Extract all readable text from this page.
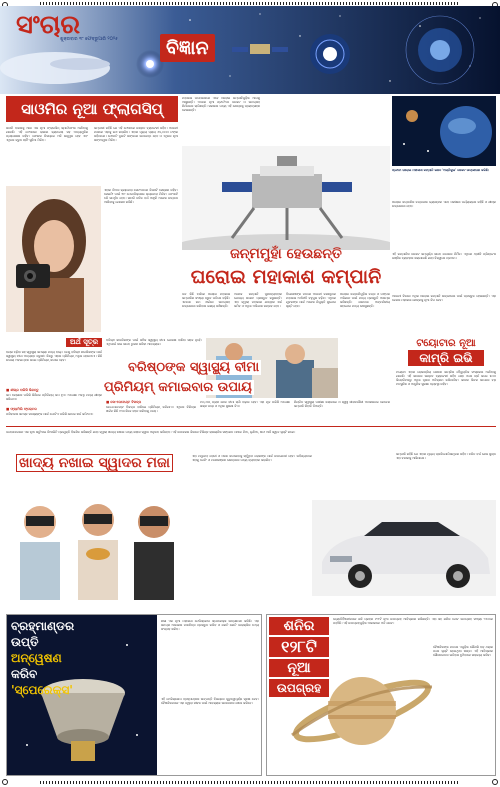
ସଂଚାର
ଶୁକ୍ରବାର ୧୮ ଫେବ୍ରୁଆରି ୨୦୨୫	ବିଜ୍ଞାନ
ସାଓମିର ନୂଆ ଫ୍ଲାଗସିପ୍
ସାଓମି ବଜାରକୁ ଆଉ ଏକ ନୂଆ ଫ୍ଲାଗସିପ୍ ସ୍ମାର୍ଟଫୋନ ଆଣିବାକୁ ଯାଉଛି। ଏହି ଫୋନରେ ଲାଇକା କ୍ୟାମେରା ସହ ଅତ୍ୟାଧୁନିକ ପ୍ରୋସେସର ରହିବ। ଫୋନର ଡିସପ୍ଲେ ଅତି ଉଜ୍ଜ୍ୱଳ ହେବ ଏବଂ ଏଥିରେ ଦ୍ରୁତ ଚାର୍ଜିଂ ସୁବିଧା ମିଳିବ।
କମ୍ପାନୀ କହିଛି ଯେ ଏହି ଫୋନରେ ଉନ୍ନତ ବ୍ୟାଟେରୀ ରହିବ। ଆଗାମୀ ମାସରେ ଏହାକୁ ଲଞ୍ଚ କରାଯିବ। ଏହାର ମୂଲ୍ୟ ପ୍ରାୟ ୬୫,୦୦୦ ଟଙ୍କା ରହିପାରେ। ଫୋନଟି ଦୁଇଟି ରଙ୍ଗରେ ଉପଲବ୍ଧ ହେବ ଓ ଏଥିରେ ନୂଆ ସଫ୍ଟୱେର ମିଳିବ।
ଏହାର ରିଅର କ୍ୟାମେରା ସେଟଅପରେ ତିନୋଟି ସେନ୍ସର ରହିବ। ସେଲଫି ପାଇଁ ୩୨ ମେଗାପିକ୍ସେଲ କ୍ୟାମେରା ମିଳିବ। ଫୋନଟି ୫ଜି ସମର୍ଥିତ ହେବ। ସାଓମି ଚଳିତ ବର୍ଷ ଆହୁରି ଅନେକ ଉତ୍ପାଦ ଆଣିବାକୁ ଯୋଜନା କରିଛି।
ମହାକାଶ ଗବେଷଣାରେ ଏବେ ଘରୋଇ କମ୍ପାନିଗୁଡ଼ିକ ଆଗକୁ ଆସୁଛନ୍ତି। ଅନେକ ନୂଆ ଷ୍ଟାର୍ଟଅପ ରକେଟ ଓ ଉପଗ୍ରହ ନିର୍ମାଣରେ ଲାଗିଛନ୍ତି। ସରକାର ମଧ୍ୟ ଏହି କ୍ଷେତ୍ରକୁ ପ୍ରୋତ୍ସାହନ ଦେଉଛନ୍ତି।
ଜନ୍ମମୁହାଁ ହେଉଛନ୍ତି
ଘରୋଇ ମହାକାଶ କମ୍ପାନି
ଗତ କିଛି ବର୍ଷରେ ଘରୋଇ ମହାକାଶ କମ୍ପାନିର ସଂଖ୍ୟା ଦ୍ରୁତ ଗତିରେ ବଢ଼ିଛି। ଏମାନେ କମ ଖର୍ଚ୍ଚରେ ଉପଗ୍ରହ ଉତ୍କ୍ଷେପଣ କରିବାର ଲକ୍ଷ୍ୟ ରଖିଛନ୍ତି।
ଅନେକ କମ୍ପାନି ପୁନଃବ୍ୟବହାର ଯୋଗ୍ୟ ରକେଟ ପ୍ରସ୍ତୁତ କରୁଛନ୍ତି। ଏହା ଦ୍ୱାରା ମହାକାଶ ଯାତ୍ରାର ଖର୍ଚ୍ଚ କମିବ ଓ ଅଧିକ ଅଭିଯାନ ସମ୍ଭବ ହେବ।
ବିଶେଷଜ୍ଞଙ୍କ ମତରେ ଆଗାମୀ ଦଶନ୍ଧିରେ ମହାକାଶ ଅର୍ଥନୀତି ବହୁଗୁଣ ବଢ଼ିବ। ଏଥିରେ ଯୁବକଙ୍କ ପାଇଁ ଅନେକ ନିଯୁକ୍ତି ସୁଯୋଗ ସୃଷ୍ଟି ହେବ।
ଘରୋଇ କମ୍ପାନିଗୁଡ଼ିକ ଚନ୍ଦ୍ର ଓ ମଙ୍ଗଳ ଅଭିଯାନ ପାଇଁ ମଧ୍ୟ ପ୍ରସ୍ତୁତି ଆରମ୍ଭ କରିଛନ୍ତି। ସେମାନେ ଅନ୍ତର୍ଜାତୀୟ ସହଯୋଗ ମଧ୍ୟ ଖୋଜୁଛନ୍ତି।
ପ୍ରଥମ ଘରୋଇ ମହାକାଶ କମ୍ପାନି ଭାବେ 'ଅଗ୍ନିକୁଲ' ରକେଟ ଉତ୍କ୍ଷେପଣ କରିଛି।
ଏହି କମ୍ପାନିର ରକେଟ ସମ୍ପୂର୍ଣ୍ଣ ଭାବେ ଦେଶରେ ନିର୍ମିତ। ଏଥିରେ ଥ୍ରୀଡି ପ୍ରିଣ୍ଟେଡ ଇଞ୍ଜିନ ବ୍ୟବହାର କରାଯାଇଛି ଯାହା ବିଶ୍ୱରେ ପ୍ରଥମ।
ଆଗାମୀ ଦିନରେ ଅଧିକ ଘରୋଇ କମ୍ପାନି ଉତ୍କ୍ଷେପଣ ପାଇଁ ପ୍ରସ୍ତୁତ ହେଉଛନ୍ତି। ଏହା ଦେଶର ମହାକାଶ କ୍ଷେତ୍ରକୁ ନୂଆ ଦିଗ ଦେବ।
ଘରୋଇ କମ୍ପାନିର ଚନ୍ଦ୍ରଯାନ ଲ୍ୟାଣ୍ଡର ଏବେ ପରୀକ୍ଷଣ ପର୍ଯ୍ୟାୟରେ ରହିଛି ଓ ଶୀଘ୍ର ଉତ୍କ୍ଷେପଣ ହେବ।
ଅର୍ଥ ସୂତ୍ର
ବୟସ ବଢ଼ିବା ସହ ସ୍ୱାସ୍ଥ୍ୟ ସମସ୍ୟା ମଧ୍ୟ ବଢ଼େ। ତେଣୁ ବରିଷ୍ଠ ନାଗରିକଙ୍କ ପାଇଁ ସ୍ୱାସ୍ଥ୍ୟ ବୀମା ଅତ୍ୟନ୍ତ ଜରୁରୀ। କିନ୍ତୁ ଏହାର ପ୍ରିମିୟମ୍ ଅଧିକ ହୋଇଥାଏ। କିଛି ଉପାୟ ଅବଲମ୍ବନ କଲେ ପ୍ରିମିୟମ୍ କମାଇ ହେବ।
■ ଶୀଘ୍ର ପଲିସି କିଣନ୍ତୁ
କମ ବୟସରେ ପଲିସି କିଣିଲେ ପ୍ରିମିୟମ୍ କମ ହୁଏ। ଅପେକ୍ଷା ଅବଧି ମଧ୍ୟ ଶୀଘ୍ର ସରିଯାଏ।
■ ଫ୍ୟାମିଲି ଫ୍ଲୋଟର
ପରିବାରର ସମସ୍ତ ସଦସ୍ୟଙ୍କ ପାଇଁ ଗୋଟିଏ ପଲିସି ନେଲେ ଖର୍ଚ୍ଚ କମିଥାଏ।
ବରିଷ୍ଠ ନାଗରିକଙ୍କ ପାଇଁ ସଠିକ ସ୍ୱାସ୍ଥ୍ୟ ବୀମା ଯୋଜନା ବାଛିବା ସହଜ ନୁହେଁ। ଏଥିପାଇଁ ଭଲ ଭାବେ ତୁଳନା କରିବା ଆବଶ୍ୟକ।
ବରିଷ୍ଠଙ୍କ ସ୍ୱାସ୍ଥ୍ୟ ବୀମା
ପ୍ରିମିୟମ୍ କମାଇବାର ଉପାୟ
■ କୋ-ପେମେଣ୍ଟ ବିକଳ୍ପ
କୋ-ପେମେଣ୍ଟ ବିକଳ୍ପ ବାଛିଲେ ପ୍ରିମିୟମ୍ କମିଯାଏ। ଏଥିରେ ଚିକିତ୍ସା ଖର୍ଚ୍ଚର କିଛି ଅଂଶ ନିଜେ ବହନ କରିବାକୁ ପଡ଼େ।
ଟପ୍-ଅପ୍ ପ୍ଲାନ ନେଇ ବୀମା ରାଶି ବଢ଼ାଇ ହେବ। ଏହା ମୂଳ ପଲିସି ଅପେକ୍ଷା ଶସ୍ତା ପଡ଼େ ଓ ଅଧିକ ସୁରକ୍ଷା ଦିଏ।
ନିୟମିତ ସ୍ୱାସ୍ଥ୍ୟ ପରୀକ୍ଷା କରାଇଲେ ଓ ସ୍ୱସ୍ଥ ଜୀବନଶୈଳୀ ଅପନାଇଲେ କେତେକ କମ୍ପାନି ରିହାତି ଦିଅନ୍ତି।
ଟୟୋଟାର ନୂଆ
କାମ୍ରି ଇଭି
ଟୟୋଟା ଏହାର ଲୋକପ୍ରିୟ ସେଡାନ କାମ୍ରିର ବୈଦ୍ୟୁତିକ ସଂସ୍କରଣ ଆଣିବାକୁ ଯାଉଛି। ଏହି କାରରେ ଉନ୍ନତ ବ୍ୟାଟେରୀ ରହିବ ଯାହା ଥରେ ଚାର୍ଜ କଲେ ୫୦୦ କିଲୋମିଟରରୁ ଅଧିକ ଦୂରତା ଅତିକ୍ରମ କରିପାରିବ। କାରର ଭିତର ଭାଗରେ ବଡ଼ ଟଚସ୍କ୍ରିନ ଓ ଆଧୁନିକ ସୁରକ୍ଷା ବ୍ୟବସ୍ଥା ରହିବ।
କମ୍ପାନି କହିଛି ଯେ ଏହାର ମୂଲ୍ୟ ପ୍ରତିଯୋଗିତାମୂଳକ ରହିବ। ଚଳିତ ବର୍ଷ ଶେଷ ସୁଦ୍ଧା ଏହା ବଜାରକୁ ଆସିପାରେ।
ଗବେଷକମାନେ ଏକ ନୂଆ ଭର୍ଚୁଆଲ ରିଆଲିଟି ପ୍ରଯୁକ୍ତି ବିକଶିତ କରିଛନ୍ତି ଯାହା ଦ୍ୱାରା ଖାଦ୍ୟ ନଖାଇ ମଧ୍ୟ ତାହାର ସ୍ୱାଦ ଅନୁଭବ କରିହେବ। ଏହି ଉପକରଣ ଜିଭରେ ବିଭିନ୍ନ ରାସାୟନିକ ସଙ୍କେତ ପଠାଇ ମିଠା, ଲୁଣିଆ, ଖଟା ଆଦି ସ୍ୱାଦ ସୃଷ୍ଟି କରେ।
ଖାଦ୍ୟ ନଖାଇ ସ୍ୱାଦର ମଜା	ଏହା ମଧୁମେହ ରୋଗୀ ଓ ଓଜନ କମାଇବାକୁ ଚାହୁଁଥିବା ଲୋକଙ୍କ ପାଇଁ ଉପଯୋଗୀ ହେବ। ଭବିଷ୍ୟତରେ ଏହାକୁ ଗେମିଂ ଓ ମନୋରଞ୍ଜନ କ୍ଷେତ୍ରରେ ମଧ୍ୟ ବ୍ୟବହାର କରାଯିବ।
ବ୍ରହ୍ମାଣ୍ଡର
ଉପ୍ତି
ଅନ୍ୱେଷଣ
କରିବ
'ସ୍ପେରେକ୍ସ'
ନାସା ଏକ ନୂଆ ମହାକାଶ ଟେଲିସ୍କୋପ ସ୍ପେରେକ୍ସ ଉତ୍କ୍ଷେପଣ କରିଛି। ଏହା ସମଗ୍ର ଆକାଶର ମାନଚିତ୍ର ପ୍ରସ୍ତୁତ କରିବ ଓ କୋଟି କୋଟି ଗାଲାକ୍ସିର ତଥ୍ୟ ସଂଗ୍ରହ କରିବ।
ଏହି ଟେଲିସ୍କୋପ ବ୍ରହ୍ମାଣ୍ଡର ଉତ୍ପତ୍ତି ବିଷୟରେ ଗୁରୁତ୍ୱପୂର୍ଣ୍ଣ ସୂଚନା ଦେବ। ବୈଜ୍ଞାନିକମାନେ ଏହା ଦ୍ୱାରା ଜୀବନ ପାଇଁ ଆବଶ୍ୟକ ଉପାଦାନର ଖୋଜ କରିବେ।
ଶନିର
୧୨୮ଟି
ନୂଆ
ଉପଗ୍ରହ
ଜ୍ୟୋତିର୍ବିଜ୍ଞାନୀମାନେ ଶନି ଗ୍ରହର ୧୨୮ଟି ନୂଆ ଉପଗ୍ରହ ଆବିଷ୍କାର କରିଛନ୍ତି। ଏହା ସହ ଶନିର ମୋଟ ଉପଗ୍ରହ ସଂଖ୍ୟା ୨୭୪ରେ ପହଞ୍ଚିଛି। ଏହି ଉପଗ୍ରହଗୁଡ଼ିକ ଆକାରରେ ଅତି ଛୋଟ।
ବୈଜ୍ଞାନିକଙ୍କ ମତରେ ଏଗୁଡ଼ିକ କୌଣସି ବଡ଼ ଧକ୍କା ପରେ ସୃଷ୍ଟି ହୋଇଥିବା ଖଣ୍ଡ। ଏହି ଆବିଷ୍କାର ସୌରଜଗତର ଇତିହାସ ବୁଝିବାରେ ସାହାଯ୍ୟ କରିବ।
